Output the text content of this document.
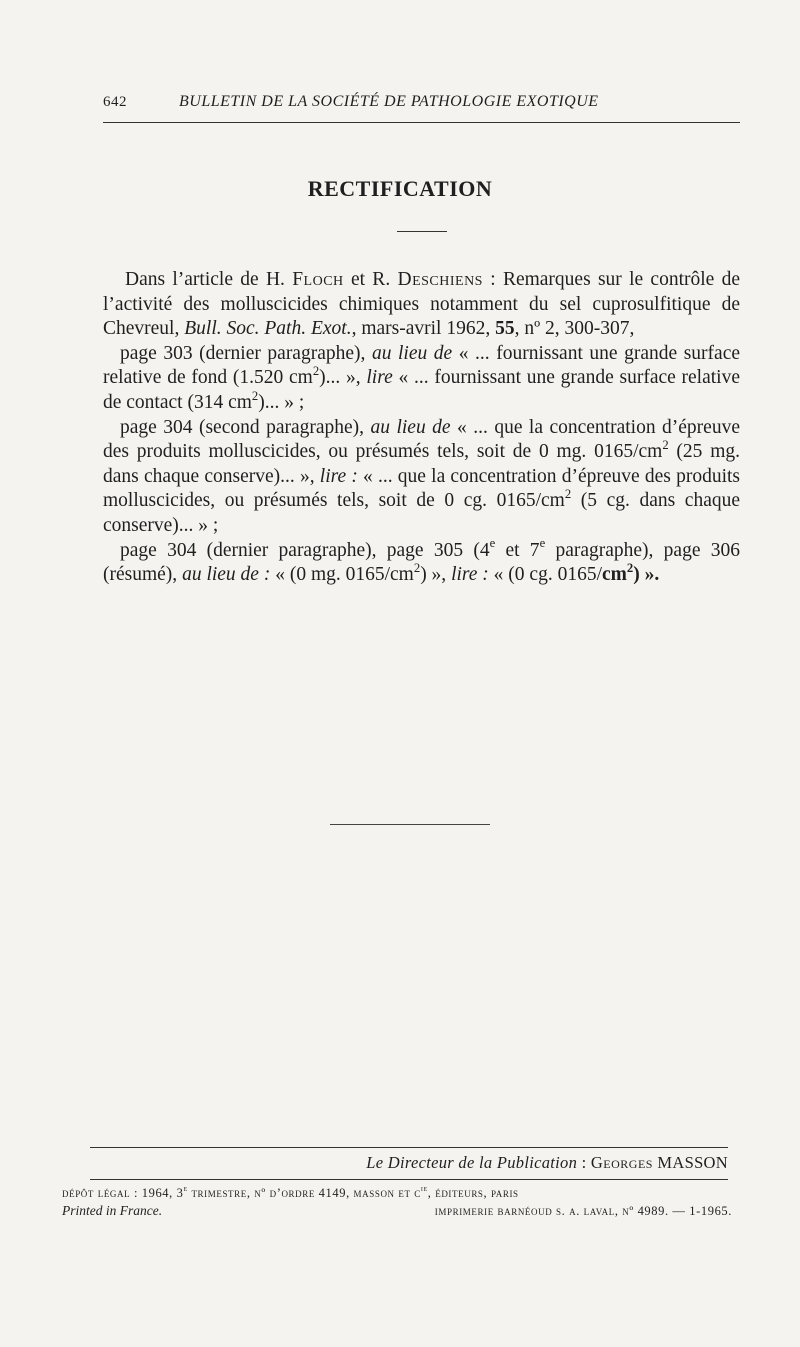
642	BULLETIN DE LA SOCIÉTÉ DE PATHOLOGIE EXOTIQUE
RECTIFICATION

Dans l’article de H. Floch et R. Deschiens : Remarques sur le contrôle de l’activité des molluscicides chimiques notamment du sel cuprosulfitique de Chevreul, Bull. Soc. Path. Exot., mars-avril 1962, 55, nº 2, 300-307,

page 303 (dernier paragraphe), au lieu de « ... fournissant une grande surface relative de fond (1.520 $cm^2$)... », lire « ... fournissant une grande surface relative de contact (314 $cm^2$)... » ;

page 304 (second paragraphe), au lieu de « ... que la concentration d’épreuve des produits molluscicides, ou présumés tels, soit de 0 mg. $0165/cm^2$ (25 mg. dans chaque conserve)... », lire : « ... que la concentration d’épreuve des produits molluscicides, ou présumés tels, soit de 0 cg. $0165/cm^2$ (5 cg. dans chaque conserve)... » ;

page 304 (dernier paragraphe), page 305 (4e et 7e paragraphe), page 306 (résumé), au lieu de : « (0 mg. $0165/cm^2$) », lire : « (0 cg. $0165/cm^2$) ».

Le Directeur de la Publication : Georges MASSON
dépôt légal : 1964, 3e trimestre, nº d’ordre 4149, masson et $c^{ie}$, éditeurs, paris
Printed in France.	imprimerie barnéoud s. a. laval, nº 4989. — 1-1965.
